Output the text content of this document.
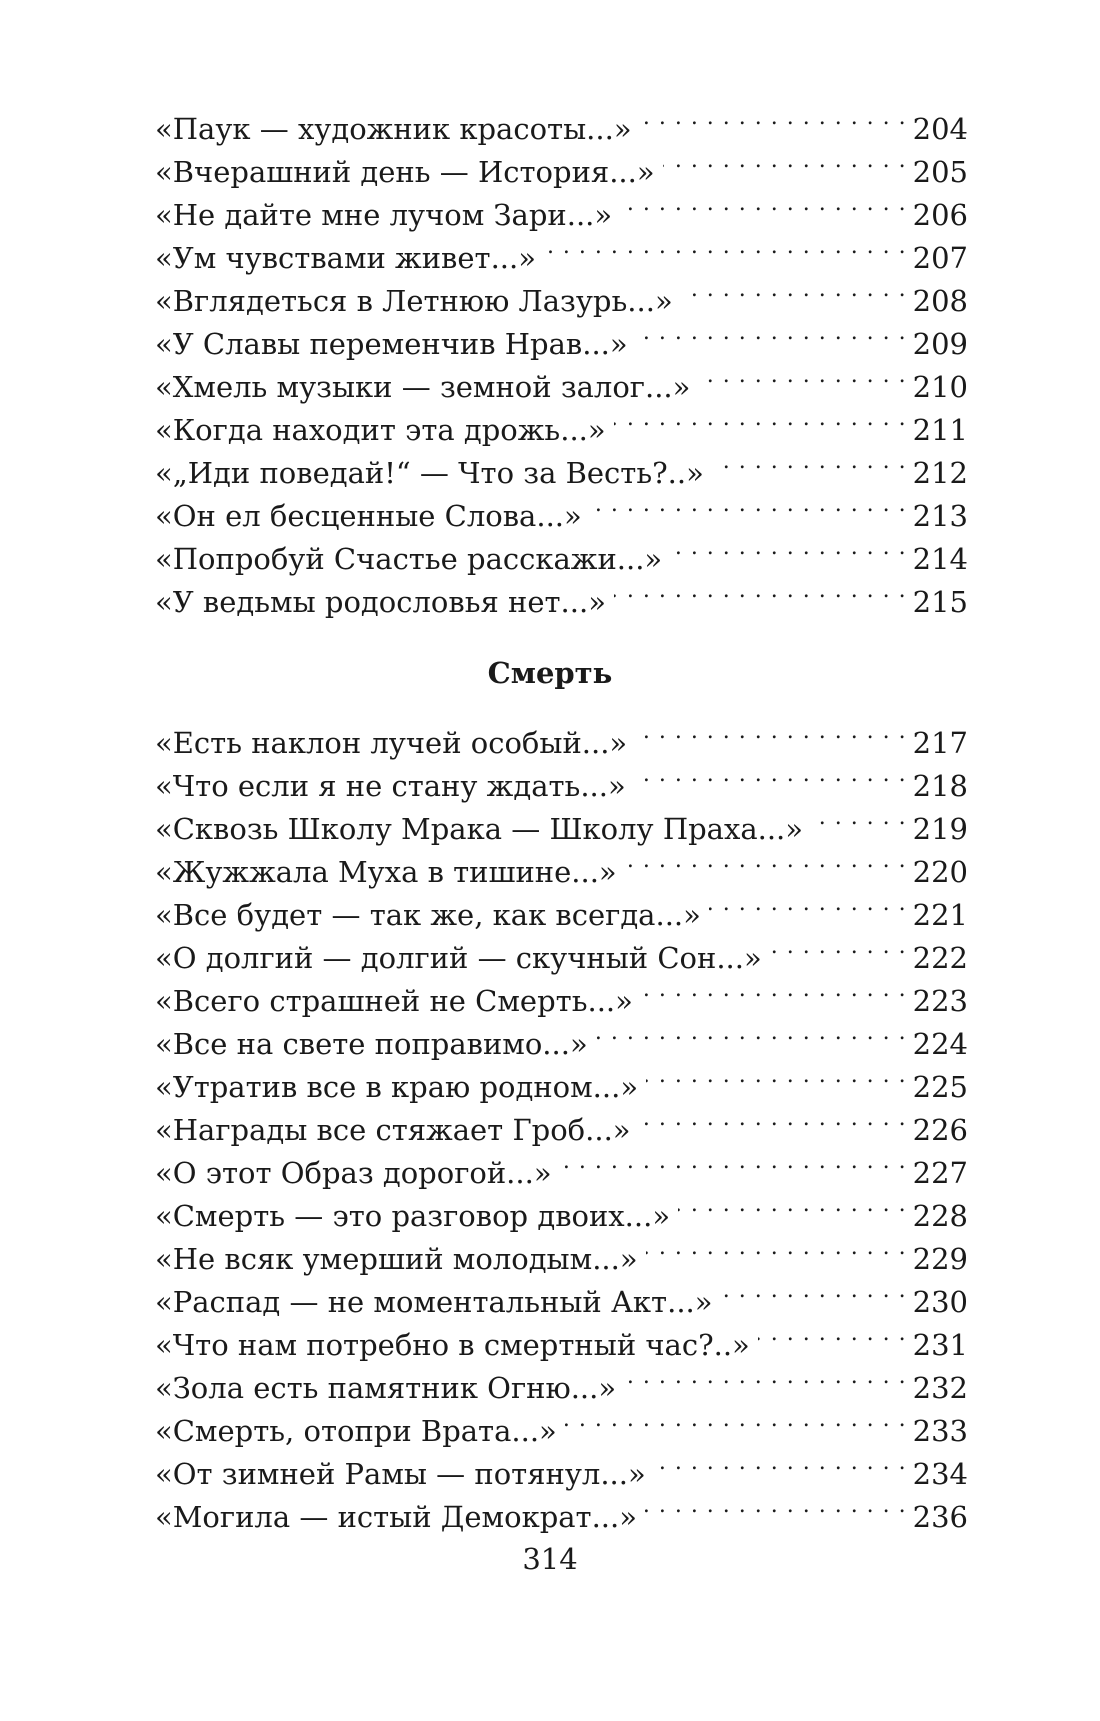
«Паук — художник красоты...» . . .	204
«Вчерашний день — История...» . . .	205
«Не дайте мне лучом Зари...» . . .	206
«Ум чувствами живет...» . . .	207
«Вглядеться в Летнюю Лазурь...» . . .	208
«У Славы переменчив Нрав...» . . .	209
«Хмель музыки — земной залог...» . . .	210
«Когда находит эта дрожь...» . . .	211
«„Иди поведай!“ — Что за Весть?..» . . .	212
«Он ел бесценные Слова...» . . .	213
«Попробуй Счастье расскажи...» . . .	214
«У ведьмы родословья нет...» . . .	215
Смерть
«Есть наклон лучей особый...» . . .	217
«Что если я не стану ждать...» . . .	218
«Сквозь Школу Мрака — Школу Праха...» . . .	219
«Жужжала Муха в тишине...» . . .	220
«Все будет — так же, как всегда...» . . .	221
«О долгий — долгий — скучный Сон...» . . .	222
«Всего страшней не Смерть...» . . .	223
«Все на свете поправимо...» . . .	224
«Утратив все в краю родном...» . . .	225
«Награды все стяжает Гроб...» . . .	226
«О этот Образ дорогой...» . . .	227
«Смерть — это разговор двоих...» . . .	228
«Не всяк умерший молодым...» . . .	229
«Распад — не моментальный Акт...» . . .	230
«Что нам потребно в смертный час?..» . . .	231
«Зола есть памятник Огню...» . . .	232
«Смерть, отопри Врата...» . . .	233
«От зимней Рамы — потянул...» . . .	234
«Могила — истый Демократ...» . . .	236
314
